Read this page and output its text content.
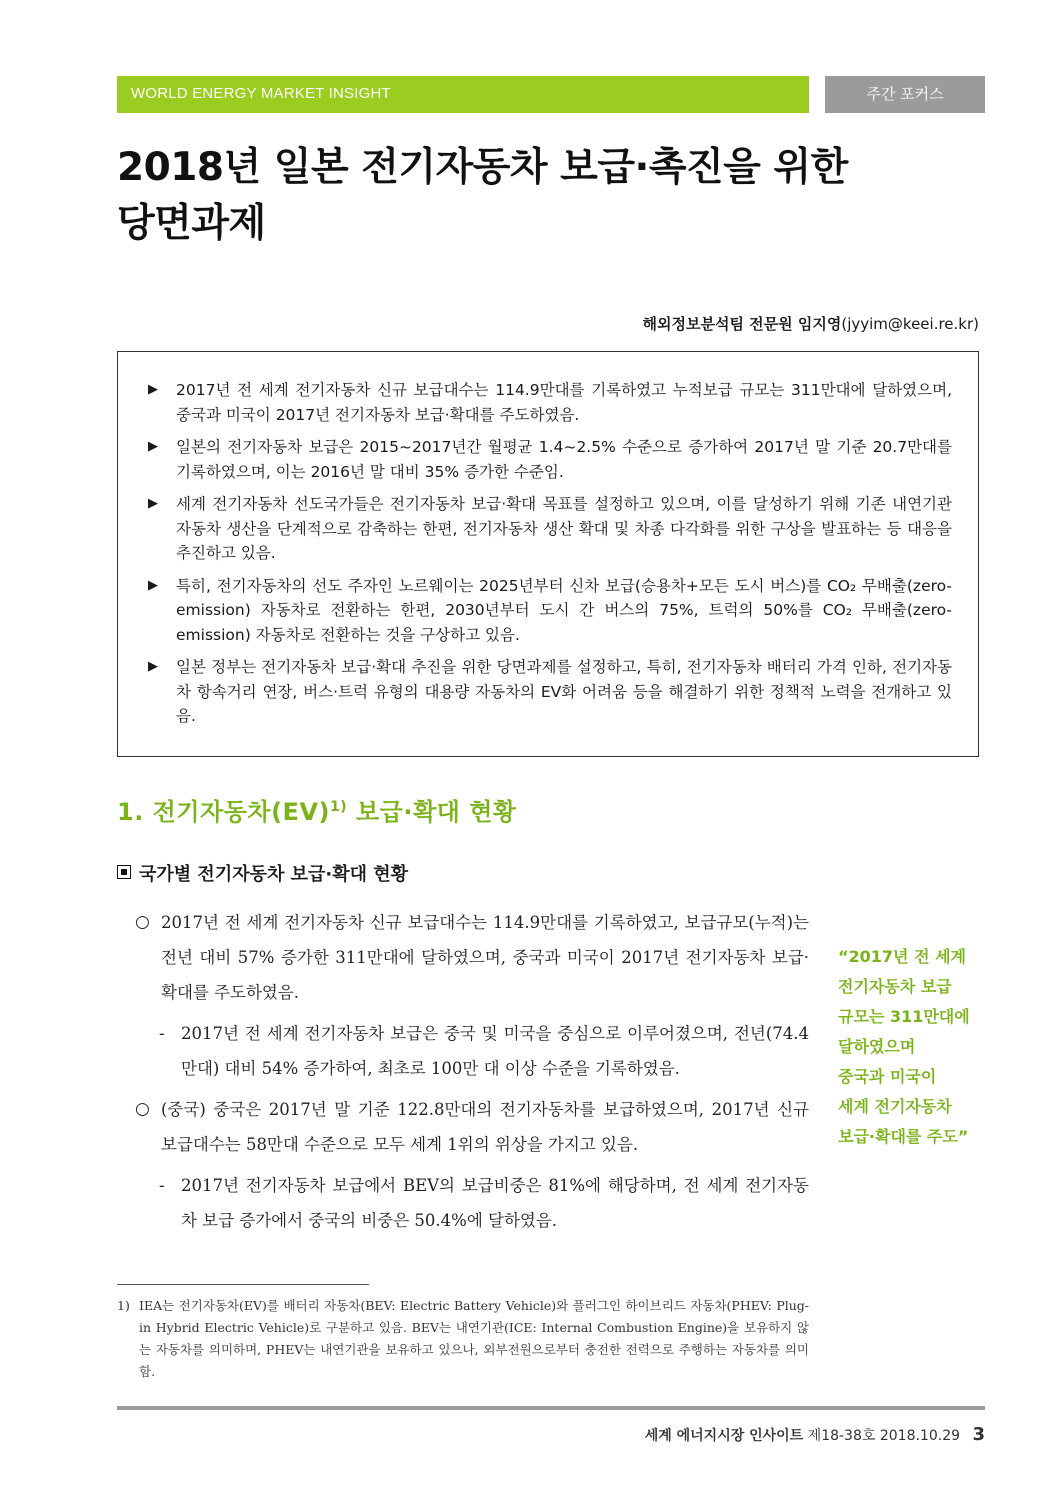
WORLD ENERGY MARKET INSIGHT	주간 포커스
2018년 일본 전기자동차 보급·촉진을 위한
당면과제
해외정보분석팀 전문원 임지영(jyyim@keei.re.kr)
▶ 2017년 전 세계 전기자동차 신규 보급대수는 114.9만대를 기록하였고 누적보급 규모는 311만대에 달하였으며, 중국과 미국이 2017년 전기자동차 보급·확대를 주도하였음.
▶ 일본의 전기자동차 보급은 2015~2017년간 월평균 1.4~2.5% 수준으로 증가하여 2017년 말 기준 20.7만대를 기록하였으며, 이는 2016년 말 대비 35% 증가한 수준임.
▶ 세계 전기자동차 선도국가들은 전기자동차 보급·확대 목표를 설정하고 있으며, 이를 달성하기 위해 기존 내연기관 자동차 생산을 단계적으로 감축하는 한편, 전기자동차 생산 확대 및 차종 다각화를 위한 구상을 발표하는 등 대응을 추진하고 있음.
▶ 특히, 전기자동차의 선도 주자인 노르웨이는 2025년부터 신차 보급(승용차+모든 도시 버스)를 CO₂ 무배출(zero-emission) 자동차로 전환하는 한편, 2030년부터 도시 간 버스의 75%, 트럭의 50%를 CO₂ 무배출(zero-emission) 자동차로 전환하는 것을 구상하고 있음.
▶ 일본 정부는 전기자동차 보급·확대 추진을 위한 당면과제를 설정하고, 특히, 전기자동차 배터리 가격 인하, 전기자동차 항속거리 연장, 버스·트럭 유형의 대용량 자동차의 EV화 어려움 등을 해결하기 위한 정책적 노력을 전개하고 있음.
1. 전기자동차(EV)$^{1)}$ 보급·확대 현황
국가별 전기자동차 보급·확대 현황
○ 2017년 전 세계 전기자동차 신규 보급대수는 114.9만대를 기록하였고, 보급규모(누적)는 전년 대비 57% 증가한 311만대에 달하였으며, 중국과 미국이 2017년 전기자동차 보급·확대를 주도하였음.
- 2017년 전 세계 전기자동차 보급은 중국 및 미국을 중심으로 이루어졌으며, 전년(74.4만대) 대비 54% 증가하여, 최초로 100만 대 이상 수준을 기록하였음.
○ (중국) 중국은 2017년 말 기준 122.8만대의 전기자동차를 보급하였으며, 2017년 신규 보급대수는 58만대 수준으로 모두 세계 1위의 위상을 가지고 있음.
- 2017년 전기자동차 보급에서 BEV의 보급비중은 81%에 해당하며, 전 세계 전기자동차 보급 증가에서 중국의 비중은 50.4%에 달하였음.
“2017년 전 세계
전기자동차 보급
규모는 311만대에
달하였으며
중국과 미국이
세계 전기자동차
보급·확대를 주도”
1) IEA는 전기자동차(EV)를 배터리 자동차(BEV: Electric Battery Vehicle)와 플러그인 하이브리드 자동차(PHEV: Plug-in Hybrid Electric Vehicle)로 구분하고 있음. BEV는 내연기관(ICE: Internal Combustion Engine)을 보유하지 않는 자동차를 의미하며, PHEV는 내연기관을 보유하고 있으나, 외부전원으로부터 충전한 전력으로 주행하는 자동차를 의미함.
세계 에너지시장 인사이트 제18-38호 2018.10.29 3
